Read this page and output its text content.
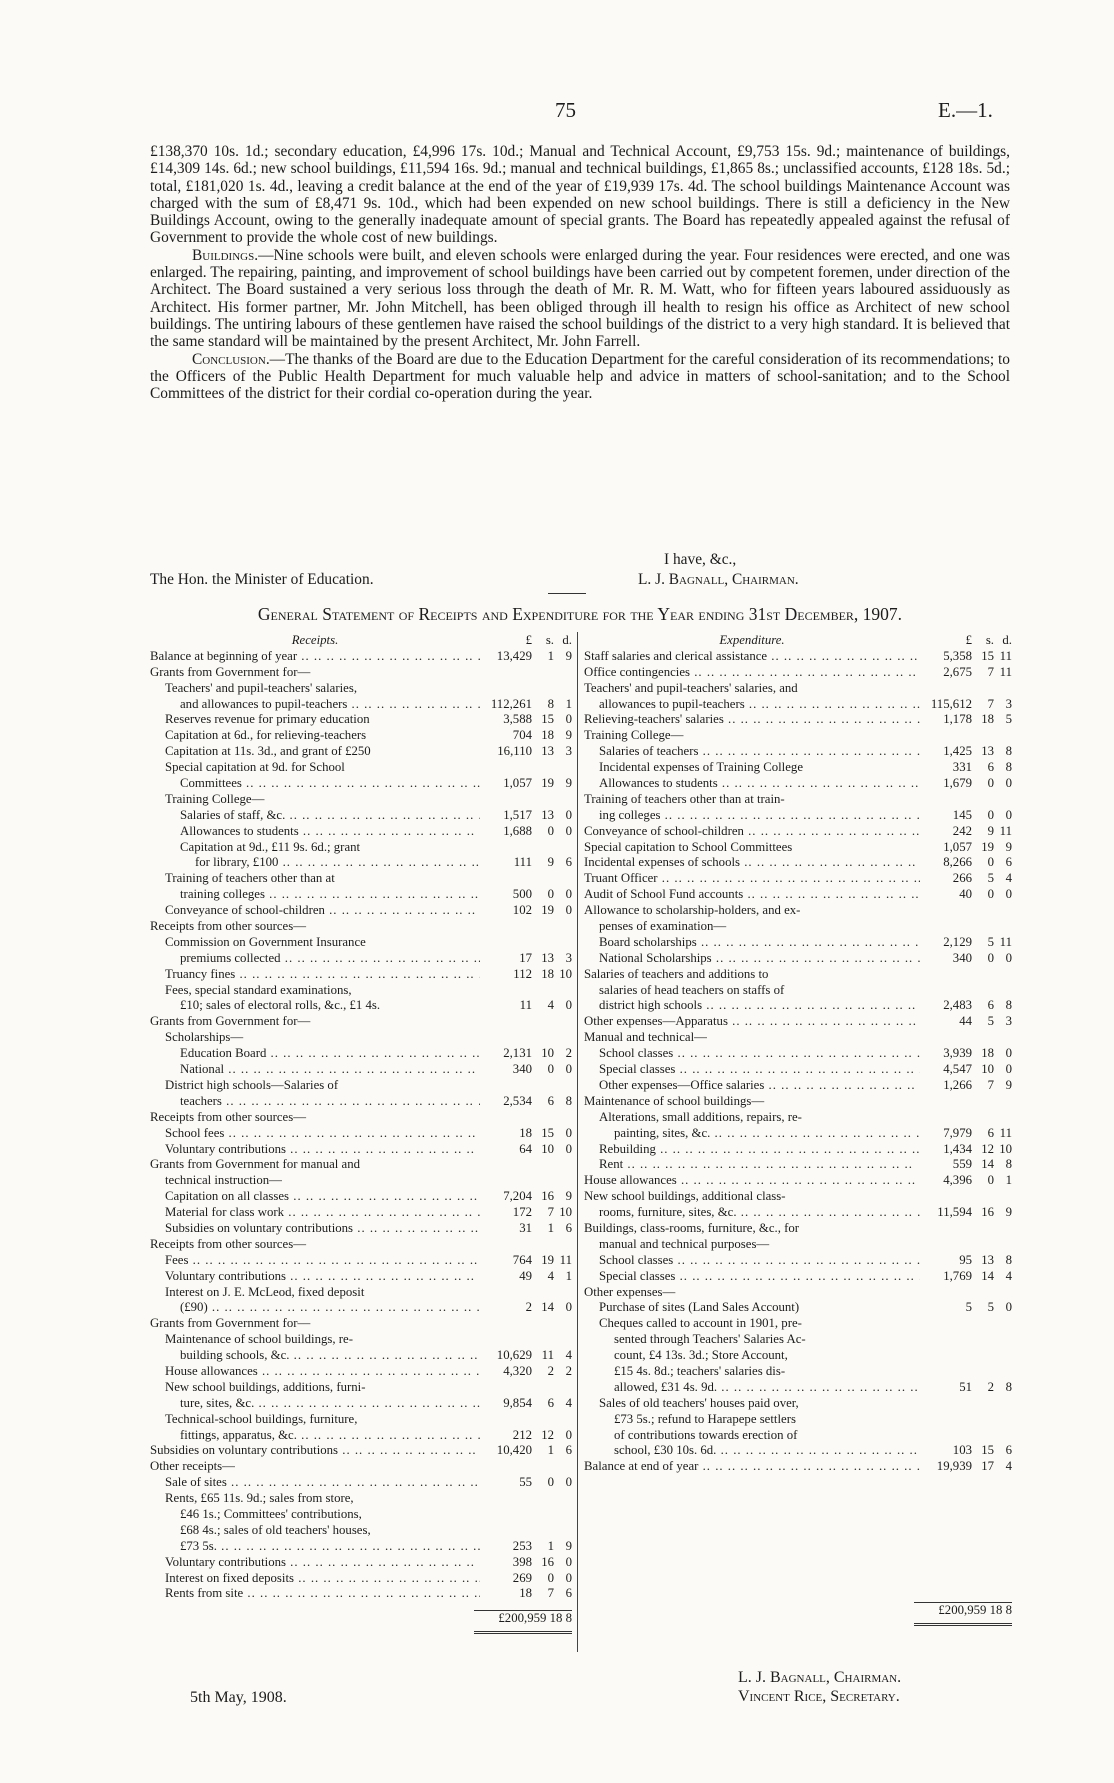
75	E.—1.

£138,370 10s. 1d.; secondary education, £4,996 17s. 10d.; Manual and Technical Account, £9,753 15s. 9d.; maintenance of buildings, £14,309 14s. 6d.; new school buildings, £11,594 16s. 9d.; manual and technical buildings, £1,865 8s.; unclassified accounts, £128 18s. 5d.; total, £181,020 1s. 4d., leaving a credit balance at the end of the year of £19,939 17s. 4d. The school buildings Maintenance Account was charged with the sum of £8,471 9s. 10d., which had been expended on new school buildings. There is still a deficiency in the New Buildings Account, owing to the generally inadequate amount of special grants. The Board has repeatedly appealed against the refusal of Government to provide the whole cost of new buildings.

Buildings.—Nine schools were built, and eleven schools were enlarged during the year. Four residences were erected, and one was enlarged. The repairing, painting, and improvement of school buildings have been carried out by competent foremen, under direction of the Architect. The Board sustained a very serious loss through the death of Mr. R. M. Watt, who for fifteen years laboured assiduously as Architect. His former partner, Mr. John Mitchell, has been obliged through ill health to resign his office as Architect of new school buildings. The untiring labours of these gentlemen have raised the school buildings of the district to a very high standard. It is believed that the same standard will be maintained by the present Architect, Mr. John Farrell.

Conclusion.—The thanks of the Board are due to the Education Department for the careful consideration of its recommendations; to the Officers of the Public Health Department for much valuable help and advice in matters of school-sanitation; and to the School Committees of the district for their cordial co-operation during the year.

I have, &c.,
The Hon. the Minister of Education.	L. J. Bagnall, Chairman.
General Statement of Receipts and Expenditure for the Year ending 31st December, 1907.
Receipts.	£ s. d.
Balance at beginning of year .. ..	13,429 1 9
Grants from Government for—
Teachers' and pupil-teachers' salaries,
and allowances to pupil-teachers .. ..	112,261 8 1
Reserves revenue for primary education	3,588 15 0
Capitation at 6d., for relieving-teachers	704 18 9
Capitation at 11s. 3d., and grant of £250	16,110 13 3
Special capitation at 9d. for School
Committees .. ..	1,057 19 9
Training College—
Salaries of staff, &c. .. ..	1,517 13 0
Allowances to students .. ..	1,688 0 0
Capitation at 9d., £11 9s. 6d.; grant
for library, £100 .. ..	111 9 6
Training of teachers other than at
training colleges .. ..	500 0 0
Conveyance of school-children .. ..	102 19 0
Receipts from other sources—
Commission on Government Insurance
premiums collected .. ..	17 13 3
Truancy fines .. ..	112 18 10
Fees, special standard examinations,
£10; sales of electoral rolls, &c., £1 4s.	11 4 0
Grants from Government for—
Scholarships—
Education Board .. ..	2,131 10 2
National .. ..	340 0 0
District high schools—Salaries of
teachers .. ..	2,534 6 8
Receipts from other sources—
School fees .. ..	18 15 0
Voluntary contributions .. ..	64 10 0
Grants from Government for manual and
technical instruction—
Capitation on all classes .. ..	7,204 16 9
Material for class work .. ..	172 7 10
Subsidies on voluntary contributions .. ..	31 1 6
Receipts from other sources—
Fees .. ..	764 19 11
Voluntary contributions .. ..	49 4 1
Interest on J. E. McLeod, fixed deposit
(£90) .. ..	2 14 0
Grants from Government for—
Maintenance of school buildings, re-
building schools, &c. .. ..	10,629 11 4
House allowances .. ..	4,320 2 2
New school buildings, additions, furni-
ture, sites, &c. .. ..	9,854 6 4
Technical-school buildings, furniture,
fittings, apparatus, &c. .. ..	212 12 0
Subsidies on voluntary contributions .. ..	10,420 1 6
Other receipts—
Sale of sites .. ..	55 0 0
Rents, £65 11s. 9d.; sales from store,
£46 1s.; Committees' contributions,
£68 4s.; sales of old teachers' houses,
£73 5s. .. ..	253 1 9
Voluntary contributions .. ..	398 16 0
Interest on fixed deposits .. ..	269 0 0
Rents from site .. ..	18 7 6
£200,959 18 8
Expenditure.	£ s. d.
Staff salaries and clerical assistance .. ..	5,358 15 11
Office contingencies .. ..	2,675 7 11
Teachers' and pupil-teachers' salaries, and
allowances to pupil-teachers .. ..	115,612 7 3
Relieving-teachers' salaries .. ..	1,178 18 5
Training College—
Salaries of teachers .. ..	1,425 13 8
Incidental expenses of Training College	331 6 8
Allowances to students .. ..	1,679 0 0
Training of teachers other than at train-
ing colleges .. ..	145 0 0
Conveyance of school-children .. ..	242 9 11
Special capitation to School Committees	1,057 19 9
Incidental expenses of schools .. ..	8,266 0 6
Truant Officer .. ..	266 5 4
Audit of School Fund accounts .. ..	40 0 0
Allowance to scholarship-holders, and ex-
penses of examination—
Board scholarships .. ..	2,129 5 11
National Scholarships .. ..	340 0 0
Salaries of teachers and additions to
salaries of head teachers on staffs of
district high schools .. ..	2,483 6 8
Other expenses—Apparatus .. ..	44 5 3
Manual and technical—
School classes .. ..	3,939 18 0
Special classes .. ..	4,547 10 0
Other expenses—Office salaries .. ..	1,266 7 9
Maintenance of school buildings—
Alterations, small additions, repairs, re-
painting, sites, &c. .. ..	7,979 6 11
Rebuilding .. ..	1,434 12 10
Rent .. ..	559 14 8
House allowances .. ..	4,396 0 1
New school buildings, additional class-
rooms, furniture, sites, &c. .. ..	11,594 16 9
Buildings, class-rooms, furniture, &c., for
manual and technical purposes—
School classes .. ..	95 13 8
Special classes .. ..	1,769 14 4
Other expenses—
Purchase of sites (Land Sales Account)	5 5 0
Cheques called to account in 1901, pre-
sented through Teachers' Salaries Ac-
count, £4 13s. 3d.; Store Account,
£15 4s. 8d.; teachers' salaries dis-
allowed, £31 4s. 9d. .. ..	51 2 8
Sales of old teachers' houses paid over,
£73 5s.; refund to Harapepe settlers
of contributions towards erection of
school, £30 10s. 6d. .. ..	103 15 6
Balance at end of year .. ..	19,939 17 4
£200,959 18 8
5th May, 1908.
L. J. Bagnall, Chairman.
Vincent Rice, Secretary.
